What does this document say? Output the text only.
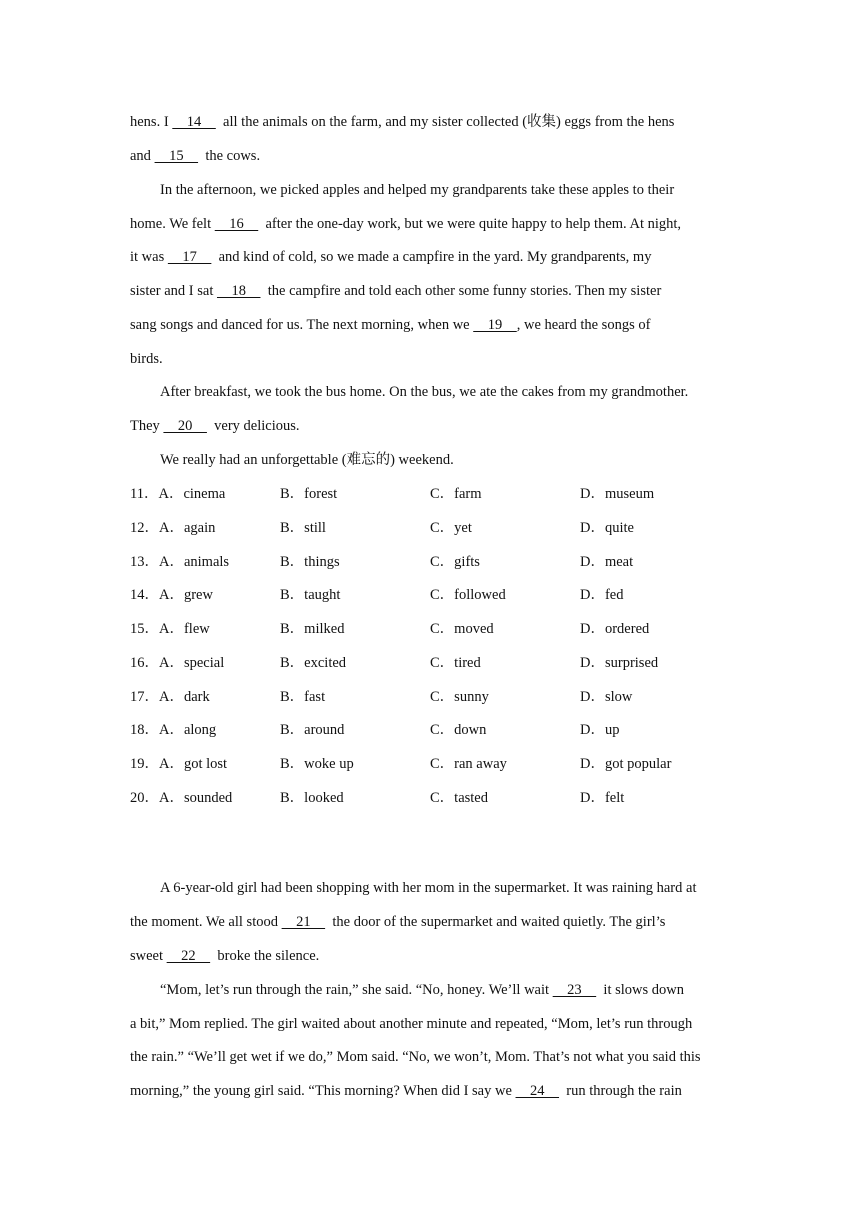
hens. I     14      all the animals on the farm, and my sister collected (收集) eggs from the hens
and     15      the cows.
In the afternoon, we picked apples and helped my grandparents take these apples to their
home. We felt     16      after the one-day work, but we were quite happy to help them. At night,
it was     17      and kind of cold, so we made a campfire in the yard. My grandparents, my
sister and I sat     18      the campfire and told each other some funny stories. Then my sister
sang songs and danced for us. The next morning, when we     19    , we heard the songs of
birds.
After breakfast, we took the bus home. On the bus, we ate the cakes from my grandmother.
They     20      very delicious.
We really had an unforgettable (难忘的) weekend.
11．A．cinema	B．forest	C．farm	D．museum
12．A．again	B．still	C．yet	D．quite
13．A．animals	B．things	C．gifts	D．meat
14．A．grew	B．taught	C．followed	D．fed
15．A．flew	B．milked	C．moved	D．ordered
16．A．special	B．excited	C．tired	D．surprised
17．A．dark	B．fast	C．sunny	D．slow
18．A．along	B．around	C．down	D．up
19．A．got lost	B．woke up	C．ran away	D．got popular
20．A．sounded	B．looked	C．tasted	D．felt
A 6-year-old girl had been shopping with her mom in the supermarket. It was raining hard at
the moment. We all stood     21      the door of the supermarket and waited quietly. The girl’s
sweet     22      broke the silence.
“Mom, let’s run through the rain,” she said. “No, honey. We’ll wait     23      it slows down
a bit,” Mom replied. The girl waited about another minute and repeated, “Mom, let’s run through
the rain.” “We’ll get wet if we do,” Mom said. “No, we won’t, Mom. That’s not what you said this
morning,” the young girl said. “This morning? When did I say we     24      run through the rain
